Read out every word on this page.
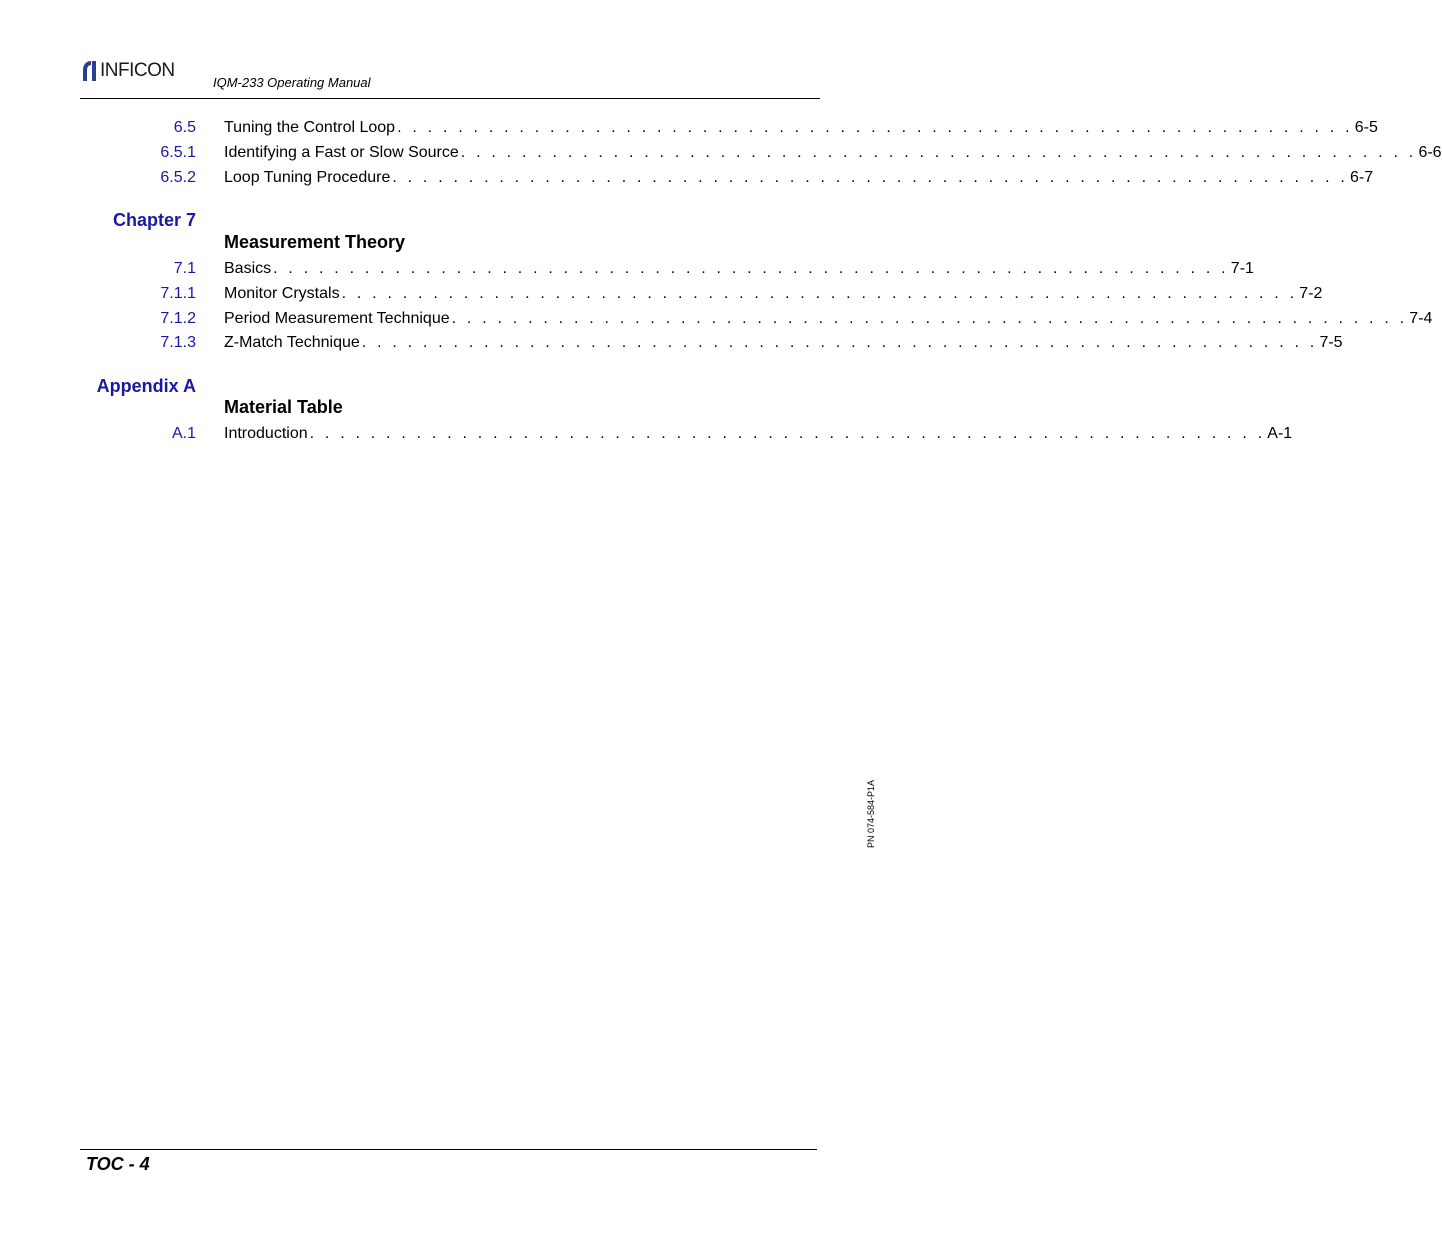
INFICON
IQM-233 Operating Manual
6.5 Tuning the Control Loop . . . . . . . . . . . . . . . . . . . . . . . . . . . . . . . . . . . . . . . . . . . . . . . . . . . . . . . . . . . . . . . 6-5
6.5.1 Identifying a Fast or Slow Source . . . . . . . . . . . . . . . . . . . . . . . . . . . . . . . . . . . . . . . . . . . . . . . . . . . . . . . . . . . . . . . 6-6
6.5.2 Loop Tuning Procedure . . . . . . . . . . . . . . . . . . . . . . . . . . . . . . . . . . . . . . . . . . . . . . . . . . . . . . . . . . . . . . . 6-7
Chapter 7
Measurement Theory
7.1 Basics . . . . . . . . . . . . . . . . . . . . . . . . . . . . . . . . . . . . . . . . . . . . . . . . . . . . . . . . . . . . . . . 7-1
7.1.1 Monitor Crystals . . . . . . . . . . . . . . . . . . . . . . . . . . . . . . . . . . . . . . . . . . . . . . . . . . . . . . . . . . . . . . . 7-2
7.1.2 Period Measurement Technique . . . . . . . . . . . . . . . . . . . . . . . . . . . . . . . . . . . . . . . . . . . . . . . . . . . . . . . . . . . . . . . 7-4
7.1.3 Z-Match Technique . . . . . . . . . . . . . . . . . . . . . . . . . . . . . . . . . . . . . . . . . . . . . . . . . . . . . . . . . . . . . . . 7-5
Appendix A
Material Table
A.1 Introduction . . . . . . . . . . . . . . . . . . . . . . . . . . . . . . . . . . . . . . . . . . . . . . . . . . . . . . . . . . . . . . . A-1
PN 074-584-P1A
TOC - 4
